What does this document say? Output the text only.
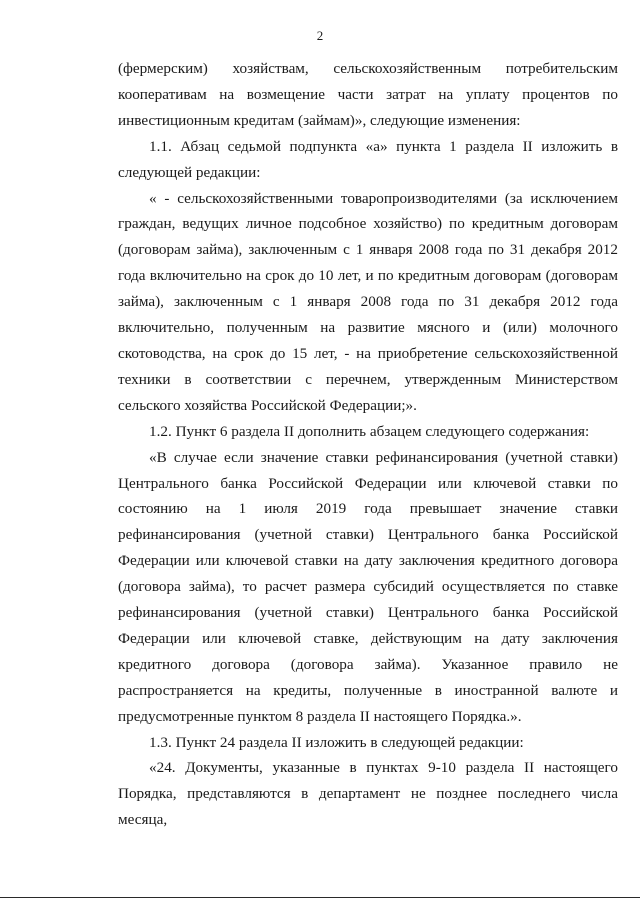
2

(фермерским) хозяйствам, сельскохозяйственным потребительским кооперативам на возмещение части затрат на уплату процентов по инвестиционным кредитам (займам)», следующие изменения:

1.1. Абзац седьмой подпункта «а» пункта 1 раздела II изложить в следующей редакции:

« - сельскохозяйственными товаропроизводителями (за исключением граждан, ведущих личное подсобное хозяйство) по кредитным договорам (договорам займа), заключенным с 1 января 2008 года по 31 декабря 2012 года включительно на срок до 10 лет, и по кредитным договорам (договорам займа), заключенным с 1 января 2008 года по 31 декабря 2012 года включительно, полученным на развитие мясного и (или) молочного скотоводства, на срок до 15 лет, - на приобретение сельскохозяйственной техники в соответствии с перечнем, утвержденным Министерством сельского хозяйства Российской Федерации;».

1.2. Пункт 6 раздела II дополнить абзацем следующего содержания:

«В случае если значение ставки рефинансирования (учетной ставки) Центрального банка Российской Федерации или ключевой ставки по состоянию на 1 июля 2019 года превышает значение ставки рефинансирования (учетной ставки) Центрального банка Российской Федерации или ключевой ставки на дату заключения кредитного договора (договора займа), то расчет размера субсидий осуществляется по ставке рефинансирования (учетной ставки) Центрального банка Российской Федерации или ключевой ставке, действующим на дату заключения кредитного договора (договора займа). Указанное правило не распространяется на кредиты, полученные в иностранной валюте и предусмотренные пунктом 8 раздела II настоящего Порядка.».

1.3. Пункт 24 раздела II изложить в следующей редакции:

«24. Документы, указанные в пунктах 9-10 раздела II настоящего Порядка, представляются в департамент не позднее последнего числа месяца,
